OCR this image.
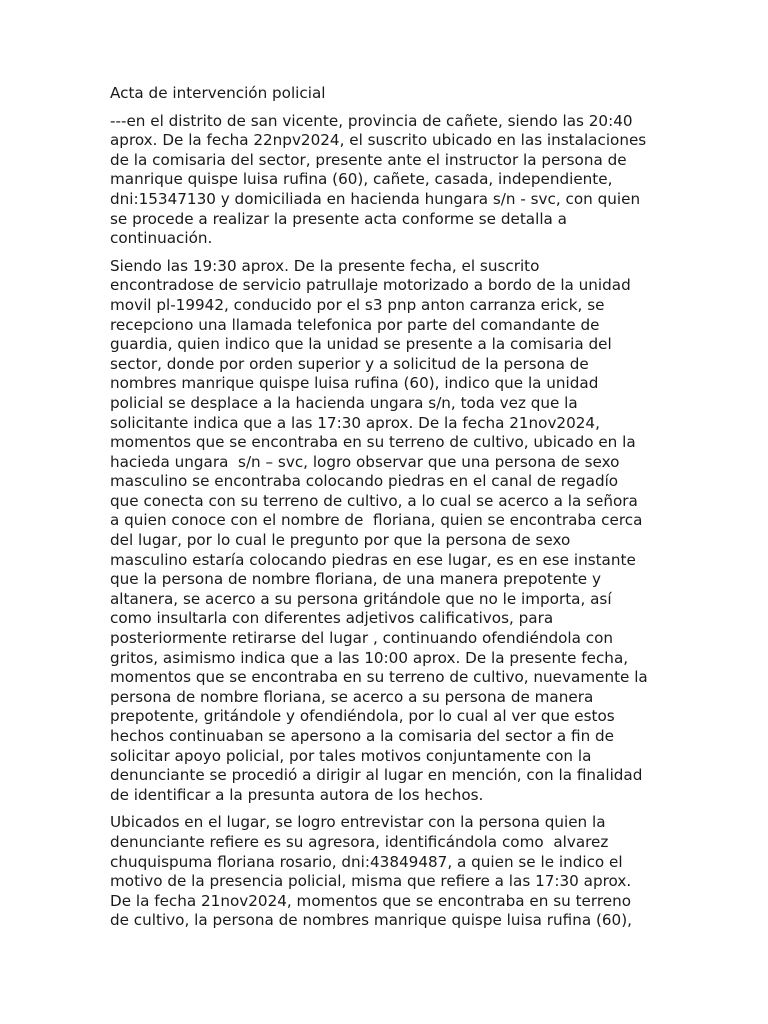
Acta de intervención policial

---en el distrito de san vicente, provincia de cañete, siendo las 20:40
aprox. De la fecha 22npv2024, el suscrito ubicado en las instalaciones
de la comisaria del sector, presente ante el instructor la persona de
manrique quispe luisa rufina (60), cañete, casada, independiente,
dni:15347130 y domiciliada en hacienda hungara s/n - svc, con quien
se procede a realizar la presente acta conforme se detalla a
continuación.

Siendo las 19:30 aprox. De la presente fecha, el suscrito
encontradose de servicio patrullaje motorizado a bordo de la unidad
movil pl-19942, conducido por el s3 pnp anton carranza erick, se
recepciono una llamada telefonica por parte del comandante de
guardia, quien indico que la unidad se presente a la comisaria del
sector, donde por orden superior y a solicitud de la persona de
nombres manrique quispe luisa rufina (60), indico que la unidad
policial se desplace a la hacienda ungara s/n, toda vez que la
solicitante indica que a las 17:30 aprox. De la fecha 21nov2024,
momentos que se encontraba en su terreno de cultivo, ubicado en la
hacieda ungara  s/n – svc, logro observar que una persona de sexo
masculino se encontraba colocando piedras en el canal de regadío
que conecta con su terreno de cultivo, a lo cual se acerco a la señora
a quien conoce con el nombre de  floriana, quien se encontraba cerca
del lugar, por lo cual le pregunto por que la persona de sexo
masculino estaría colocando piedras en ese lugar, es en ese instante
que la persona de nombre floriana, de una manera prepotente y
altanera, se acerco a su persona gritándole que no le importa, así
como insultarla con diferentes adjetivos calificativos, para
posteriormente retirarse del lugar , continuando ofendiéndola con
gritos, asimismo indica que a las 10:00 aprox. De la presente fecha,
momentos que se encontraba en su terreno de cultivo, nuevamente la
persona de nombre floriana, se acerco a su persona de manera
prepotente, gritándole y ofendiéndola, por lo cual al ver que estos
hechos continuaban se apersono a la comisaria del sector a fin de
solicitar apoyo policial, por tales motivos conjuntamente con la
denunciante se procedió a dirigir al lugar en mención, con la finalidad
de identificar a la presunta autora de los hechos.

Ubicados en el lugar, se logro entrevistar con la persona quien la
denunciante refiere es su agresora, identificándola como  alvarez
chuquispuma floriana rosario, dni:43849487, a quien se le indico el
motivo de la presencia policial, misma que refiere a las 17:30 aprox.
De la fecha 21nov2024, momentos que se encontraba en su terreno
de cultivo, la persona de nombres manrique quispe luisa rufina (60),
